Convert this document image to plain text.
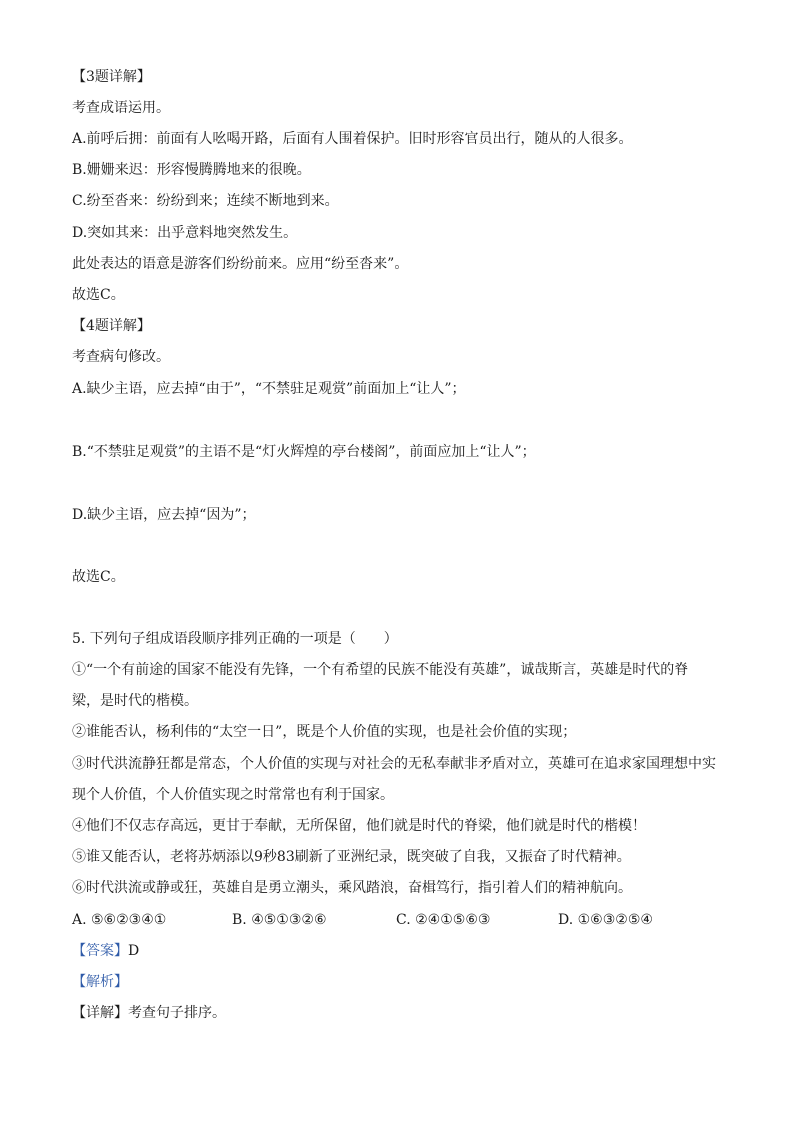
【3题详解】
考查成语运用。
A.前呼后拥：前面有人吆喝开路，后面有人围着保护。旧时形容官员出行，随从的人很多。
B.姗姗来迟：形容慢腾腾地来的很晚。
C.纷至沓来：纷纷到来；连续不断地到来。
D.突如其来：出乎意料地突然发生。
此处表达的语意是游客们纷纷前来。应用“纷至沓来”。
故选C。
【4题详解】
考查病句修改。
A.缺少主语，应去掉“由于”，“不禁驻足观赏”前面加上“让人”；
B.“不禁驻足观赏”的主语不是“灯火辉煌的亭台楼阁”，前面应加上“让人”；
D.缺少主语，应去掉“因为”；
故选C。
5. 下列句子组成语段顺序排列正确的一项是（　　）
①“一个有前途的国家不能没有先锋，一个有希望的民族不能没有英雄”，诚哉斯言，英雄是时代的脊
梁，是时代的楷模。
②谁能否认，杨利伟的“太空一日”，既是个人价值的实现，也是社会价值的实现；
③时代洪流静狂都是常态，个人价值的实现与对社会的无私奉献非矛盾对立，英雄可在追求家国理想中实
现个人价值，个人价值实现之时常常也有利于国家。
④他们不仅志存高远，更甘于奉献，无所保留，他们就是时代的脊梁，他们就是时代的楷模！
⑤谁又能否认，老将苏炳添以9秒83刷新了亚洲纪录，既突破了自我，又振奋了时代精神。
⑥时代洪流或静或狂，英雄自是勇立潮头，乘风踏浪，奋楫笃行，指引着人们的精神航向。
A. ⑤⑥②③④①	B. ④⑤①③②⑥	C. ②④①⑤⑥③	D. ①⑥③②⑤④
【答案】D
【解析】
【详解】考查句子排序。
